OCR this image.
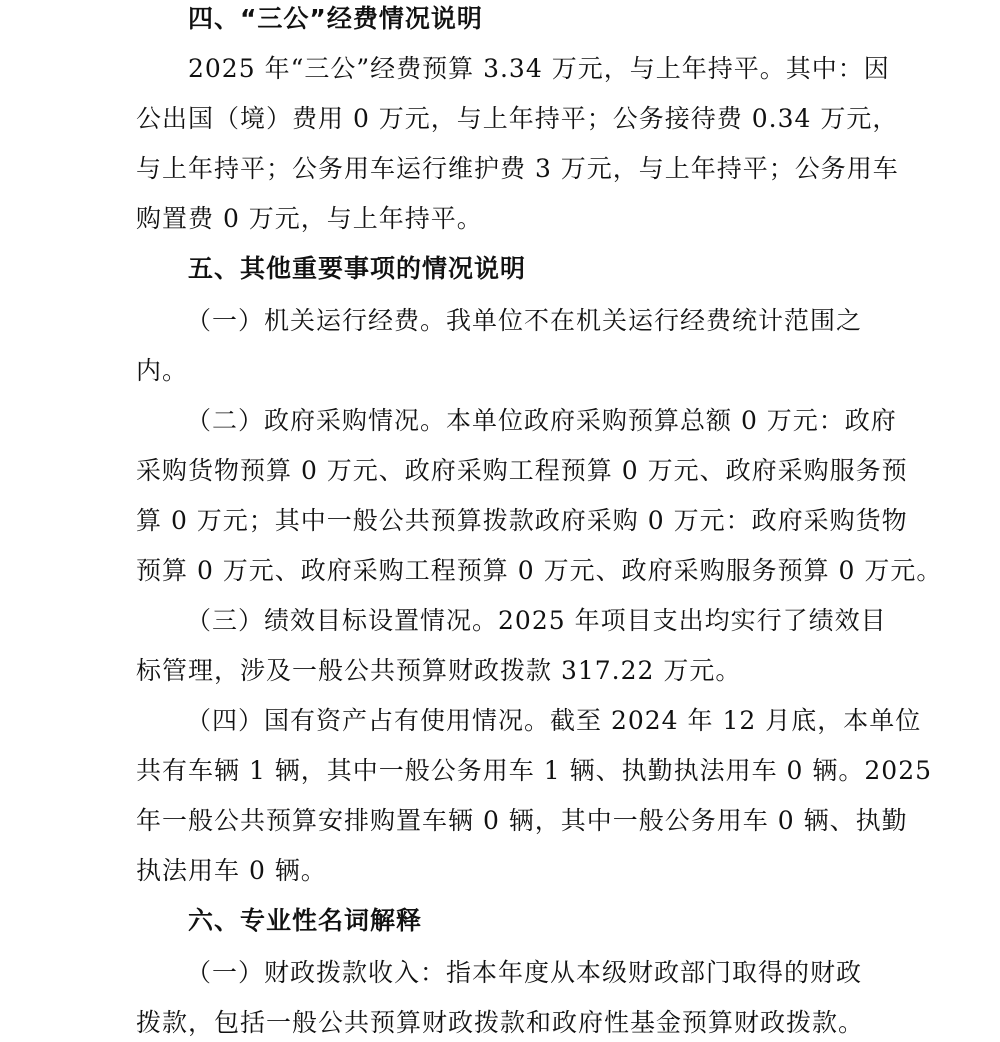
四、“三公”经费情况说明
2025 年“三公”经费预算 3.34 万元，与上年持平。其中：因
公出国（境）费用 0 万元，与上年持平；公务接待费 0.34 万元，
与上年持平；公务用车运行维护费 3 万元，与上年持平；公务用车
购置费 0 万元，与上年持平。
五、其他重要事项的情况说明
（一）机关运行经费。我单位不在机关运行经费统计范围之
内。
（二）政府采购情况。本单位政府采购预算总额 0 万元：政府
采购货物预算 0 万元、政府采购工程预算 0 万元、政府采购服务预
算 0 万元；其中一般公共预算拨款政府采购 0 万元：政府采购货物
预算 0 万元、政府采购工程预算 0 万元、政府采购服务预算 0 万元。
（三）绩效目标设置情况。2025 年项目支出均实行了绩效目
标管理，涉及一般公共预算财政拨款 317.22 万元。
（四）国有资产占有使用情况。截至 2024 年 12 月底，本单位
共有车辆 1 辆，其中一般公务用车 1 辆、执勤执法用车 0 辆。2025
年一般公共预算安排购置车辆 0 辆，其中一般公务用车 0 辆、执勤
执法用车 0 辆。
六、专业性名词解释
（一）财政拨款收入：指本年度从本级财政部门取得的财政
拨款，包括一般公共预算财政拨款和政府性基金预算财政拨款。
